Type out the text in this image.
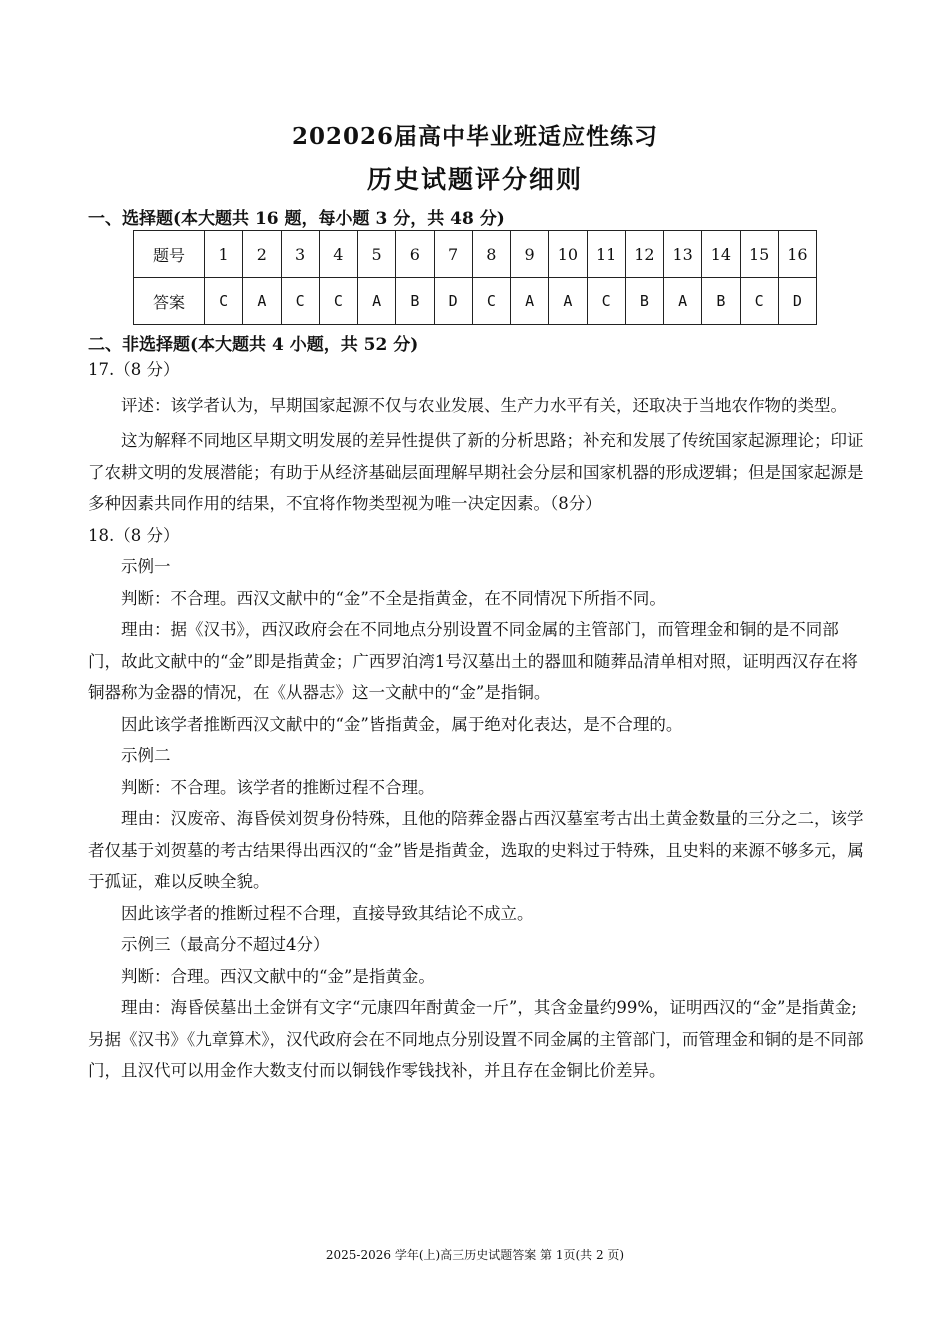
202026届高中毕业班适应性练习
历史试题评分细则
一、选择题(本大题共 16 题，每小题 3 分，共 48 分)
题号	1	2	3	4	5	6	7	8	9	10	11	12	13	14	15	16
答案	C	A	C	C	A	B	D	C	A	A	C	B	A	B	C	D
二、非选择题(本大题共 4 小题，共 52 分)

17.（8 分）

评述：该学者认为，早期国家起源不仅与农业发展、生产力水平有关，还取决于当地农作物的类型。

这为解释不同地区早期文明发展的差异性提供了新的分析思路；补充和发展了传统国家起源理论；印证了农耕文明的发展潜能；有助于从经济基础层面理解早期社会分层和国家机器的形成逻辑；但是国家起源是多种因素共同作用的结果，不宜将作物类型视为唯一决定因素。（8分）

18.（8 分）

示例一

判断：不合理。西汉文献中的“金”不全是指黄金，在不同情况下所指不同。

理由：据《汉书》，西汉政府会在不同地点分别设置不同金属的主管部门，而管理金和铜的是不同部门，故此文献中的“金”即是指黄金；广西罗泊湾1号汉墓出土的器皿和随葬品清单相对照，证明西汉存在将铜器称为金器的情况，在《从器志》这一文献中的“金”是指铜。

因此该学者推断西汉文献中的“金”皆指黄金，属于绝对化表达，是不合理的。

示例二

判断：不合理。该学者的推断过程不合理。

理由：汉废帝、海昏侯刘贺身份特殊，且他的陪葬金器占西汉墓室考古出土黄金数量的三分之二，该学者仅基于刘贺墓的考古结果得出西汉的“金”皆是指黄金，选取的史料过于特殊，且史料的来源不够多元，属于孤证，难以反映全貌。

因此该学者的推断过程不合理，直接导致其结论不成立。

示例三（最高分不超过4分）

判断：合理。西汉文献中的“金”是指黄金。

理由：海昏侯墓出土金饼有文字“元康四年酎黄金一斤”，其含金量约99%，证明西汉的“金”是指黄金;另据《汉书》《九章算术》，汉代政府会在不同地点分别设置不同金属的主管部门，而管理金和铜的是不同部门，且汉代可以用金作大数支付而以铜钱作零钱找补，并且存在金铜比价差异。

2025-2026 学年(上)高三历史试题答案 第 1页(共 2 页)
